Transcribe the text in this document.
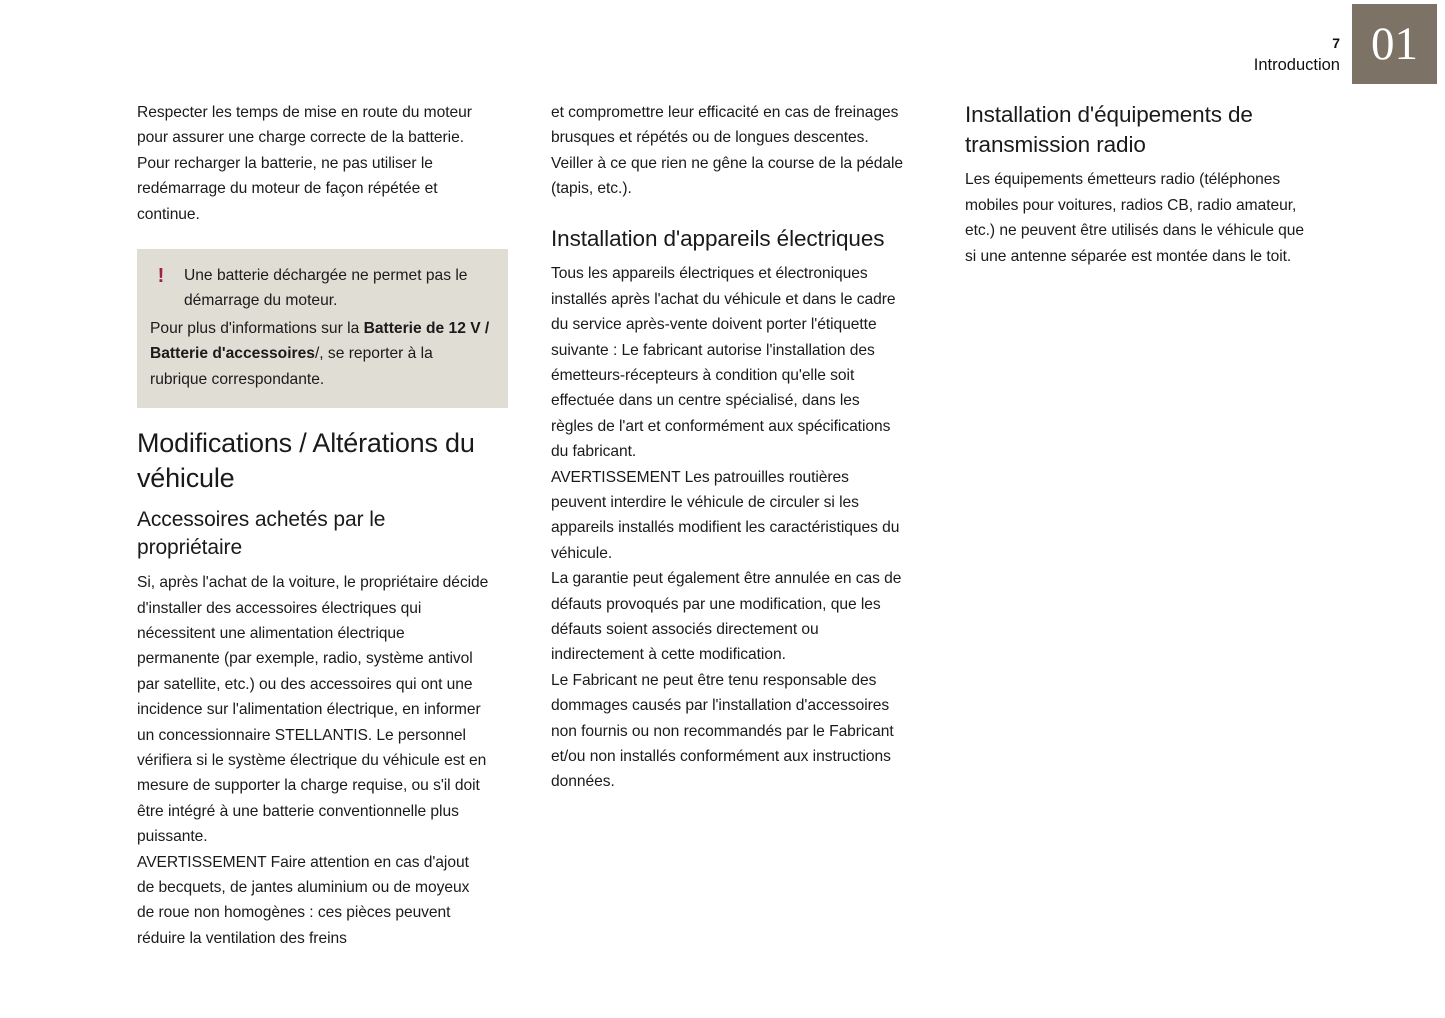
7
Introduction 01

Respecter les temps de mise en route du moteur pour assurer une charge correcte de la batterie.

Pour recharger la batterie, ne pas utiliser le redémarrage du moteur de façon répétée et continue.

! Une batterie déchargée ne permet pas le démarrage du moteur.
Pour plus d'informations sur la Batterie de 12 V / Batterie d'accessoires/, se reporter à la rubrique correspondante.
Modifications / Altérations du véhicule
Accessoires achetés par le propriétaire

Si, après l'achat de la voiture, le propriétaire décide d'installer des accessoires électriques qui nécessitent une alimentation électrique permanente (par exemple, radio, système antivol par satellite, etc.) ou des accessoires qui ont une incidence sur l'alimentation électrique, en informer un concessionnaire STELLANTIS. Le personnel vérifiera si le système électrique du véhicule est en mesure de supporter la charge requise, ou s'il doit être intégré à une batterie conventionnelle plus puissante.

AVERTISSEMENT Faire attention en cas d'ajout de becquets, de jantes aluminium ou de moyeux de roue non homogènes : ces pièces peuvent réduire la ventilation des freins

et compromettre leur efficacité en cas de freinages brusques et répétés ou de longues descentes.

Veiller à ce que rien ne gêne la course de la pédale (tapis, etc.).

Installation d'appareils électriques

Tous les appareils électriques et électroniques installés après l'achat du véhicule et dans le cadre du service après-vente doivent porter l'étiquette suivante : Le fabricant autorise l'installation des émetteurs-récepteurs à condition qu'elle soit effectuée dans un centre spécialisé, dans les règles de l'art et conformément aux spécifications du fabricant.

AVERTISSEMENT Les patrouilles routières peuvent interdire le véhicule de circuler si les appareils installés modifient les caractéristiques du véhicule.

La garantie peut également être annulée en cas de défauts provoqués par une modification, que les défauts soient associés directement ou indirectement à cette modification.

Le Fabricant ne peut être tenu responsable des dommages causés par l'installation d'accessoires non fournis ou non recommandés par le Fabricant et/ou non installés conformément aux instructions données.

Installation d'équipements de transmission radio

Les équipements émetteurs radio (téléphones mobiles pour voitures, radios CB, radio amateur, etc.) ne peuvent être utilisés dans le véhicule que si une antenne séparée est montée dans le toit.
